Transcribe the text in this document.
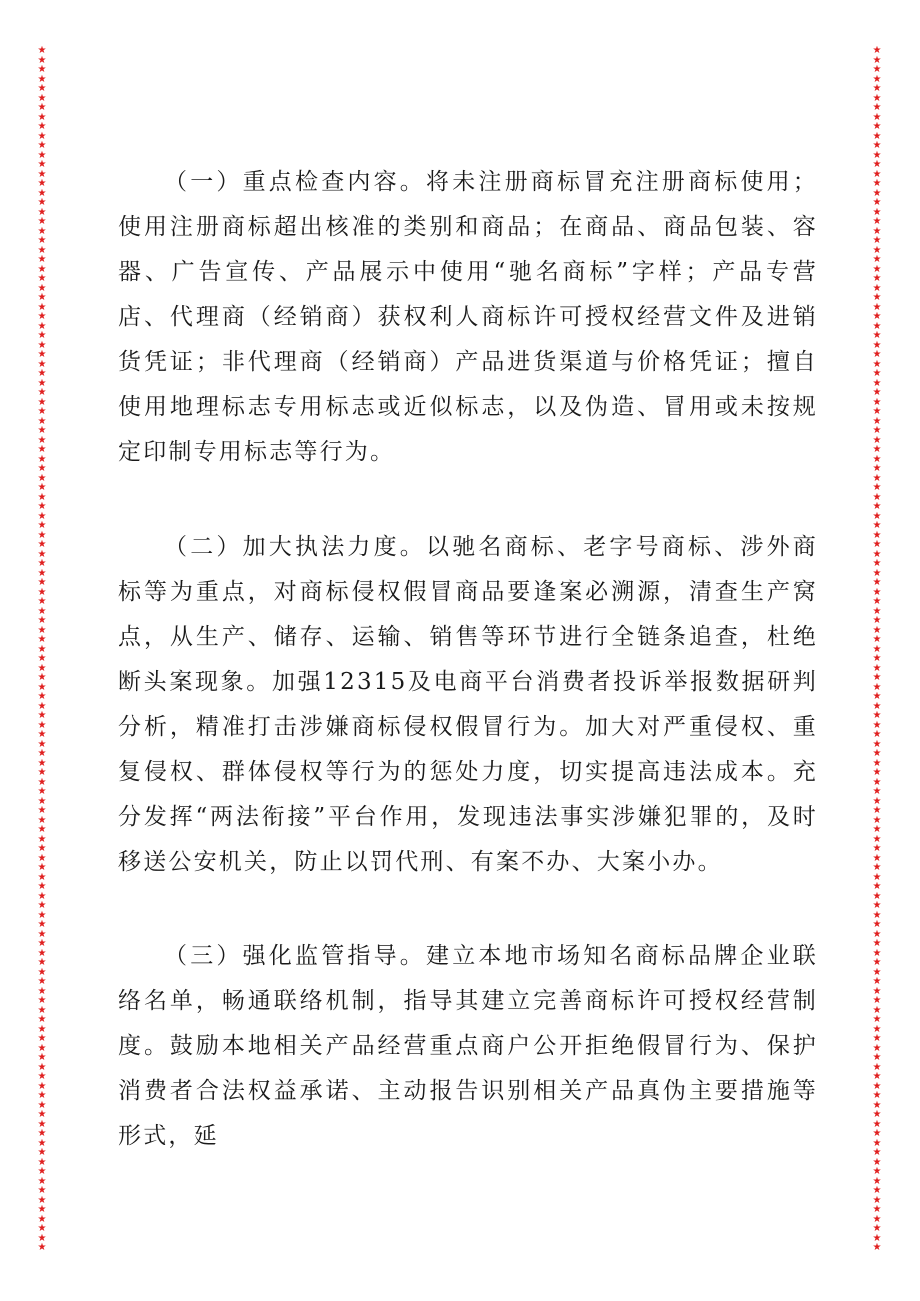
★
★
★
★
★
★
★
★
★
★
★
★
★
★
★
★
★
★
★
★
★
★
★
★
★
★
★
★
★
★
★
★
★
★
★
★
★
★
★
★
★
★
★
★
★
★
★
★
★
★
★
★
★
★
★
★
★
★
★
★
★
★
★
★
★
★
★
★
★
★
★
★
★
★
★
★
★
★
★
★
★
★
★
★
★
★
★
★
★
★
★
★
★
★
★
★
★
★
★
★
★
★
★
★
★
★
★
★
★
★
★
★
★
★
★
★
★
★
★
★
★
★
★
★
★
★
★
★
★
★
★
★
★
★
★
★
★
★
★
★
★
★
★
★
★
★
★
★
★
★
★
★
★
★
★
★
★
★
★
★
★
★
★
★
★
★
★
★
★
★
★
★
★
★
★
★
★
★
★
★
★
★
★
★
★
★
★
★
★
★
★
★
★
★
★
★
★
★
★
★
★
★
★
★
★
★
★
★
★
★
★
★
★
★
★
★
★
★
★
★
★
★
★
★
★
★
★
★
★
★
★
★
★
★
★
★
★
★
★
★
★
★
★
★
★
★
★
★
★
★
★
★
★
★

（一）重点检查内容。将未注册商标冒充注册商标使用；使用注册商标超出核准的类别和商品；在商品、商品包装、容器、广告宣传、产品展示中使用“驰名商标”字样；产品专营店、代理商（经销商）获权利人商标许可授权经营文件及进销货凭证；非代理商（经销商）产品进货渠道与价格凭证；擅自使用地理标志专用标志或近似标志，以及伪造、冒用或未按规定印制专用标志等行为。

（二）加大执法力度。以驰名商标、老字号商标、涉外商标等为重点，对商标侵权假冒商品要逢案必溯源，清查生产窝点，从生产、储存、运输、销售等环节进行全链条追查，杜绝断头案现象。加强12315及电商平台消费者投诉举报数据研判分析，精准打击涉嫌商标侵权假冒行为。加大对严重侵权、重复侵权、群体侵权等行为的惩处力度，切实提高违法成本。充分发挥“两法衔接”平台作用，发现违法事实涉嫌犯罪的，及时移送公安机关，防止以罚代刑、有案不办、大案小办。

（三）强化监管指导。建立本地市场知名商标品牌企业联络名单，畅通联络机制，指导其建立完善商标许可授权经营制度。鼓励本地相关产品经营重点商户公开拒绝假冒行为、保护消费者合法权益承诺、主动报告识别相关产品真伪主要措施等形式，延
